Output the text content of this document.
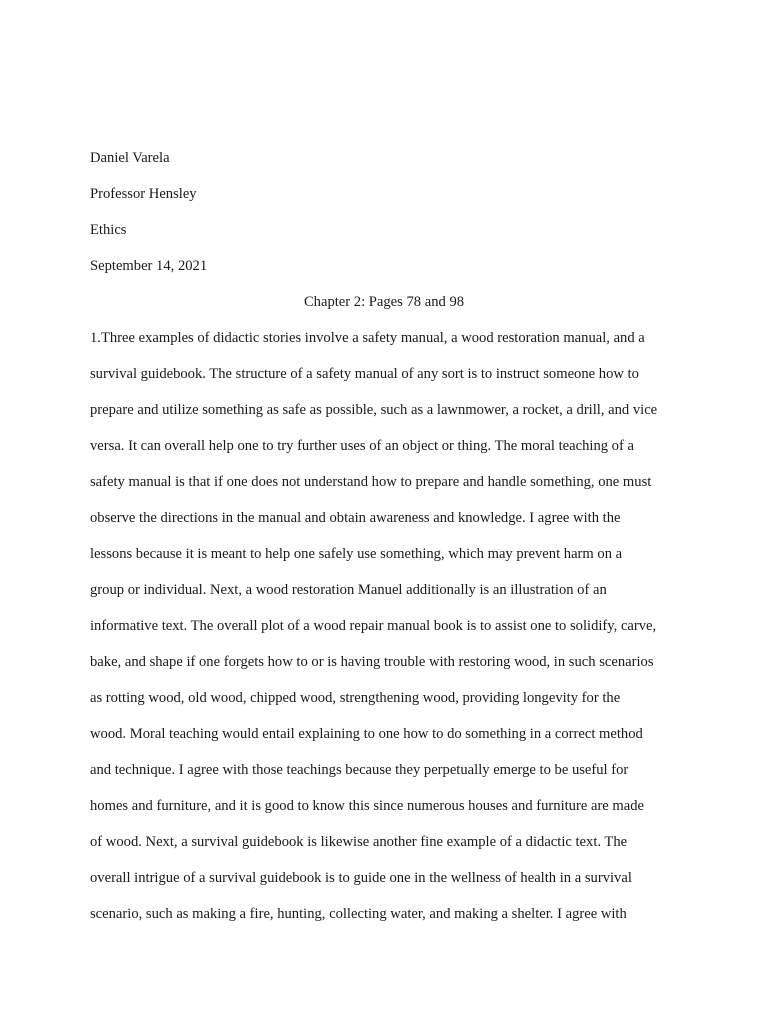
Daniel Varela
Professor Hensley
Ethics
September 14, 2021
Chapter 2: Pages 78 and 98
1.Three examples of didactic stories involve a safety manual, a wood restoration manual, and a
survival guidebook. The structure of a safety manual of any sort is to instruct someone how to
prepare and utilize something as safe as possible, such as a lawnmower, a rocket, a drill, and vice
versa. It can overall help one to try further uses of an object or thing. The moral teaching of a
safety manual is that if one does not understand how to prepare and handle something, one must
observe the directions in the manual and obtain awareness and knowledge. I agree with the
lessons because it is meant to help one safely use something, which may prevent harm on a
group or individual. Next, a wood restoration Manuel additionally is an illustration of an
informative text. The overall plot of a wood repair manual book is to assist one to solidify, carve,
bake, and shape if one forgets how to or is having trouble with restoring wood, in such scenarios
as rotting wood, old wood, chipped wood, strengthening wood, providing longevity for the
wood. Moral teaching would entail explaining to one how to do something in a correct method
and technique. I agree with those teachings because they perpetually emerge to be useful for
homes and furniture, and it is good to know this since numerous houses and furniture are made
of wood. Next, a survival guidebook is likewise another fine example of a didactic text. The
overall intrigue of a survival guidebook is to guide one in the wellness of health in a survival
scenario, such as making a fire, hunting, collecting water, and making a shelter. I agree with
